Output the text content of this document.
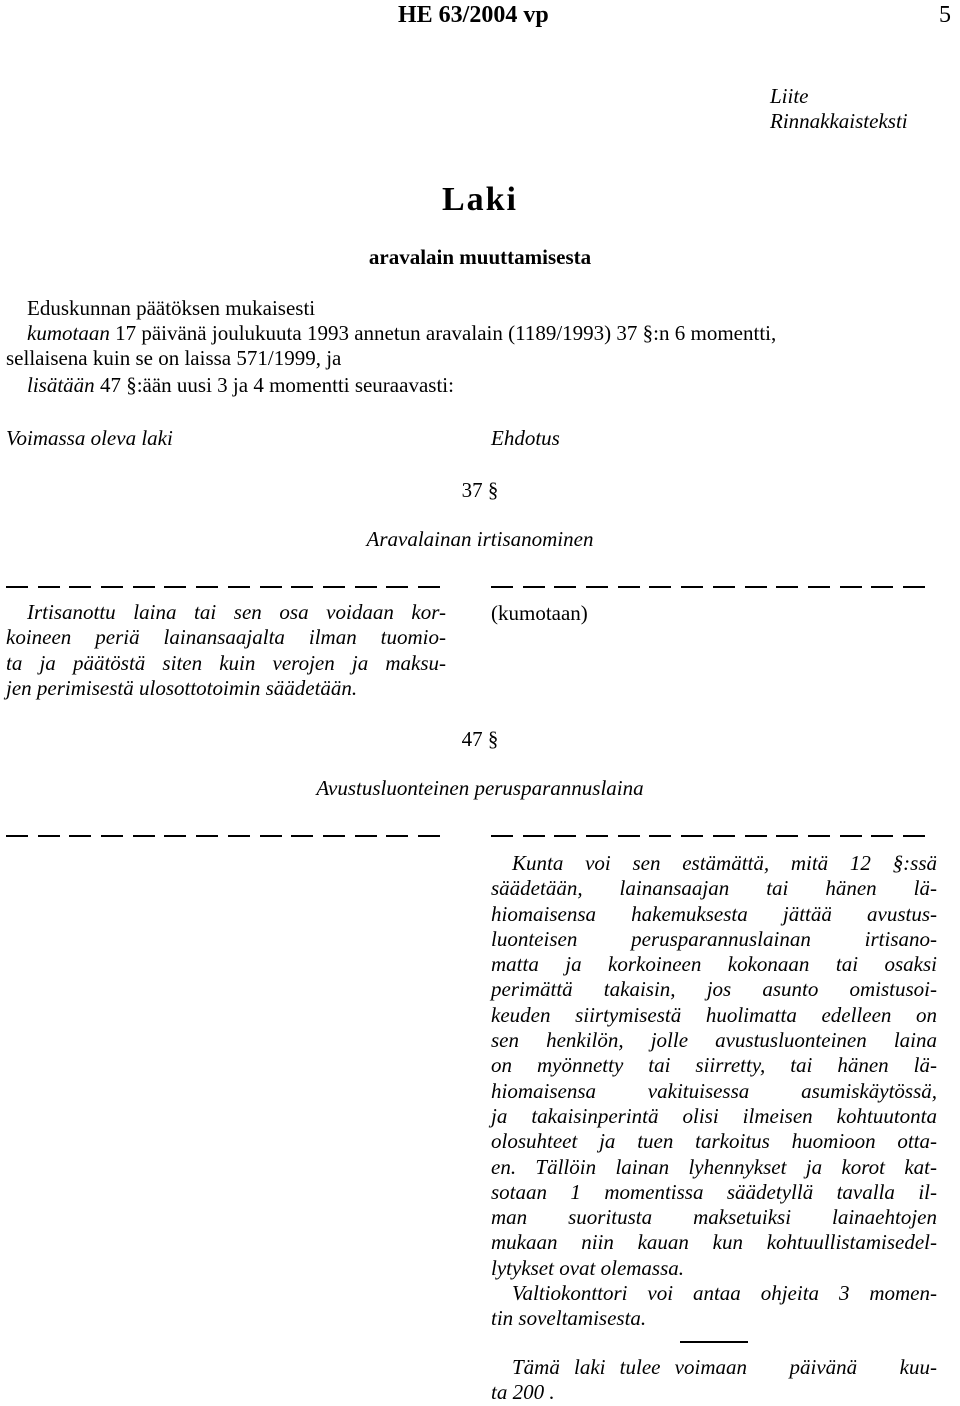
HE 63/2004 vp	5
Liite
Rinnakkaisteksti
Laki
aravalain muuttamisesta
Eduskunnan päätöksen mukaisesti
kumotaan 17 päivänä joulukuuta 1993 annetun aravalain (1189/1993) 37 §:n 6 momentti,
sellaisena kuin se on laissa 571/1999, ja
lisätään 47 §:ään uusi 3 ja 4 momentti seuraavasti:
Voimassa oleva laki	Ehdotus
37 §
Aravalainan irtisanominen
Irtisanottu laina tai sen osa voidaan kor-
koineen periä lainansaajalta ilman tuomio-
ta ja päätöstä siten kuin verojen ja maksu-
jen perimisestä ulosottotoimin säädetään.
(kumotaan)
47 §
Avustusluonteinen perusparannuslaina
Kunta voi sen estämättä, mitä 12 §:ssä
säädetään, lainansaajan tai hänen lä-
hiomaisensa hakemuksesta jättää avustus-
luonteisen perusparannuslainan irtisano-
matta ja korkoineen kokonaan tai osaksi
perimättä takaisin, jos asunto omistusoi-
keuden siirtymisestä huolimatta edelleen on
sen henkilön, jolle avustusluonteinen laina
on myönnetty tai siirretty, tai hänen lä-
hiomaisensa vakituisessa asumiskäytössä,
ja takaisinperintä olisi ilmeisen kohtuutonta
olosuhteet ja tuen tarkoitus huomioon otta-
en. Tällöin lainan lyhennykset ja korot kat-
sotaan 1 momentissa säädetyllä tavalla il-
man suoritusta maksetuiksi lainaehtojen
mukaan niin kauan kun kohtuullistamisedel-
lytykset ovat olemassa.
Valtiokonttori voi antaa ohjeita 3 momen-
tin soveltamisesta.
Tämä laki tulee voimaan   päivänä   kuu-
ta 200 .
